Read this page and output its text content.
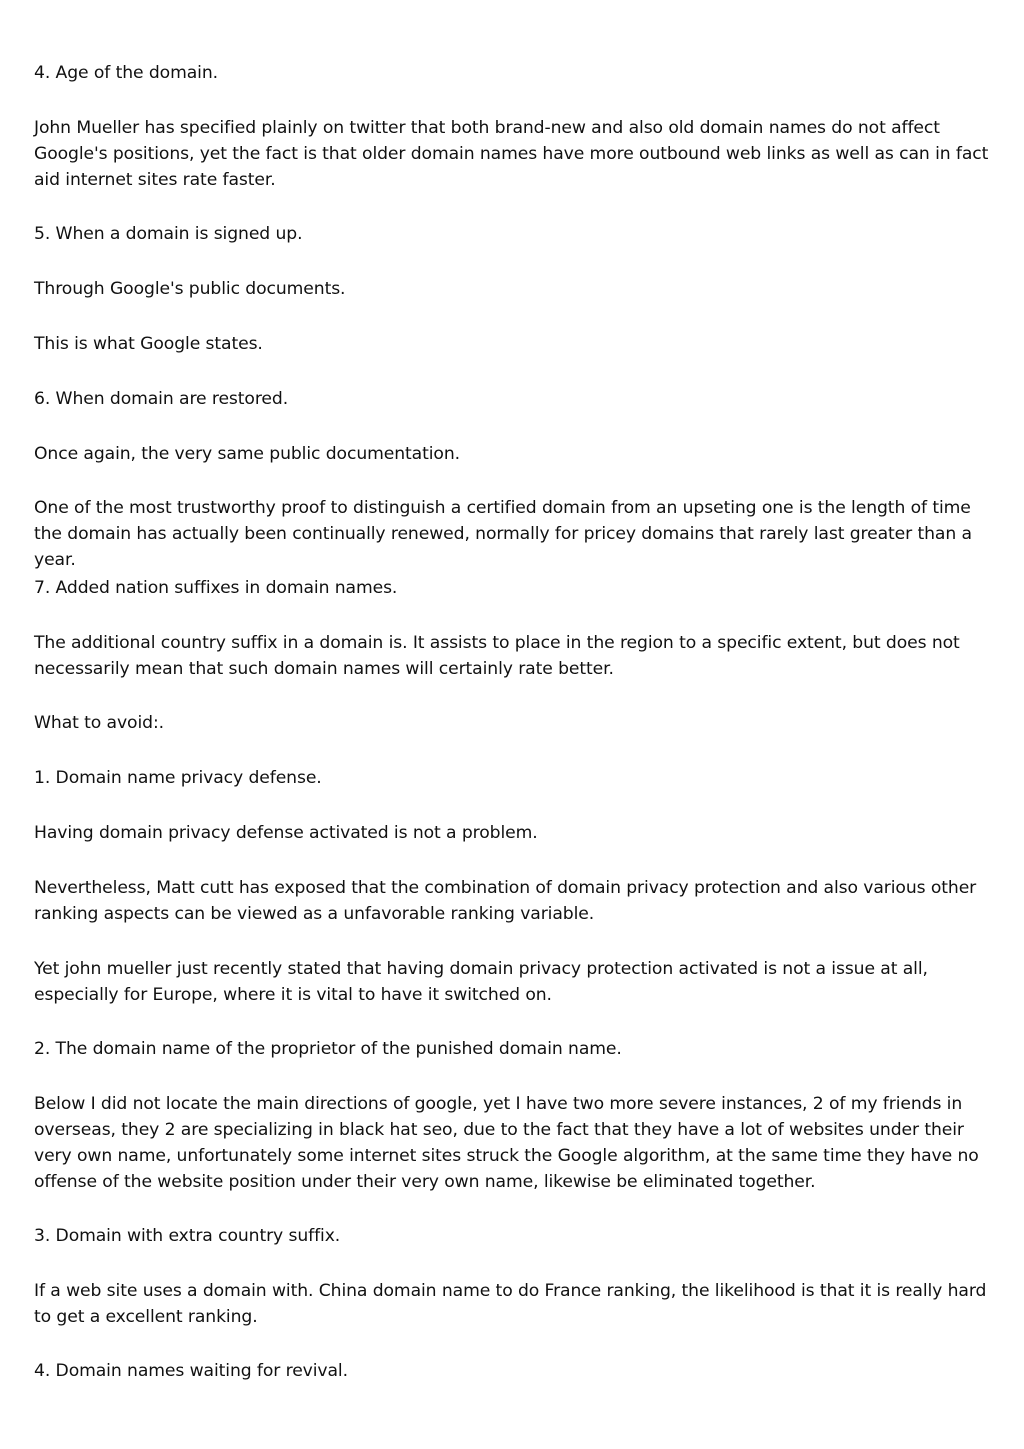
4. Age of the domain.

John Mueller has specified plainly on twitter that both brand-new and also old domain names do not affect Google's positions, yet the fact is that older domain names have more outbound web links as well as can in fact aid internet sites rate faster.

5. When a domain is signed up.

Through Google's public documents.

This is what Google states.

6. When domain are restored.

Once again, the very same public documentation.

One of the most trustworthy proof to distinguish a certified domain from an upseting one is the length of time the domain has actually been continually renewed, normally for pricey domains that rarely last greater than a year.

7. Added nation suffixes in domain names.

The additional country suffix in a domain is. It assists to place in the region to a specific extent, but does not necessarily mean that such domain names will certainly rate better.

What to avoid:.

1. Domain name privacy defense.

Having domain privacy defense activated is not a problem.

Nevertheless, Matt cutt has exposed that the combination of domain privacy protection and also various other ranking aspects can be viewed as a unfavorable ranking variable.

Yet john mueller just recently stated that having domain privacy protection activated is not a issue at all, especially for Europe, where it is vital to have it switched on.

2. The domain name of the proprietor of the punished domain name.

Below I did not locate the main directions of google, yet I have two more severe instances, 2 of my friends in overseas, they 2 are specializing in black hat seo, due to the fact that they have a lot of websites under their very own name, unfortunately some internet sites struck the Google algorithm, at the same time they have no offense of the website position under their very own name, likewise be eliminated together.

3. Domain with extra country suffix.

If a web site uses a domain with. China domain name to do France ranking, the likelihood is that it is really hard to get a excellent ranking.

4. Domain names waiting for revival.
